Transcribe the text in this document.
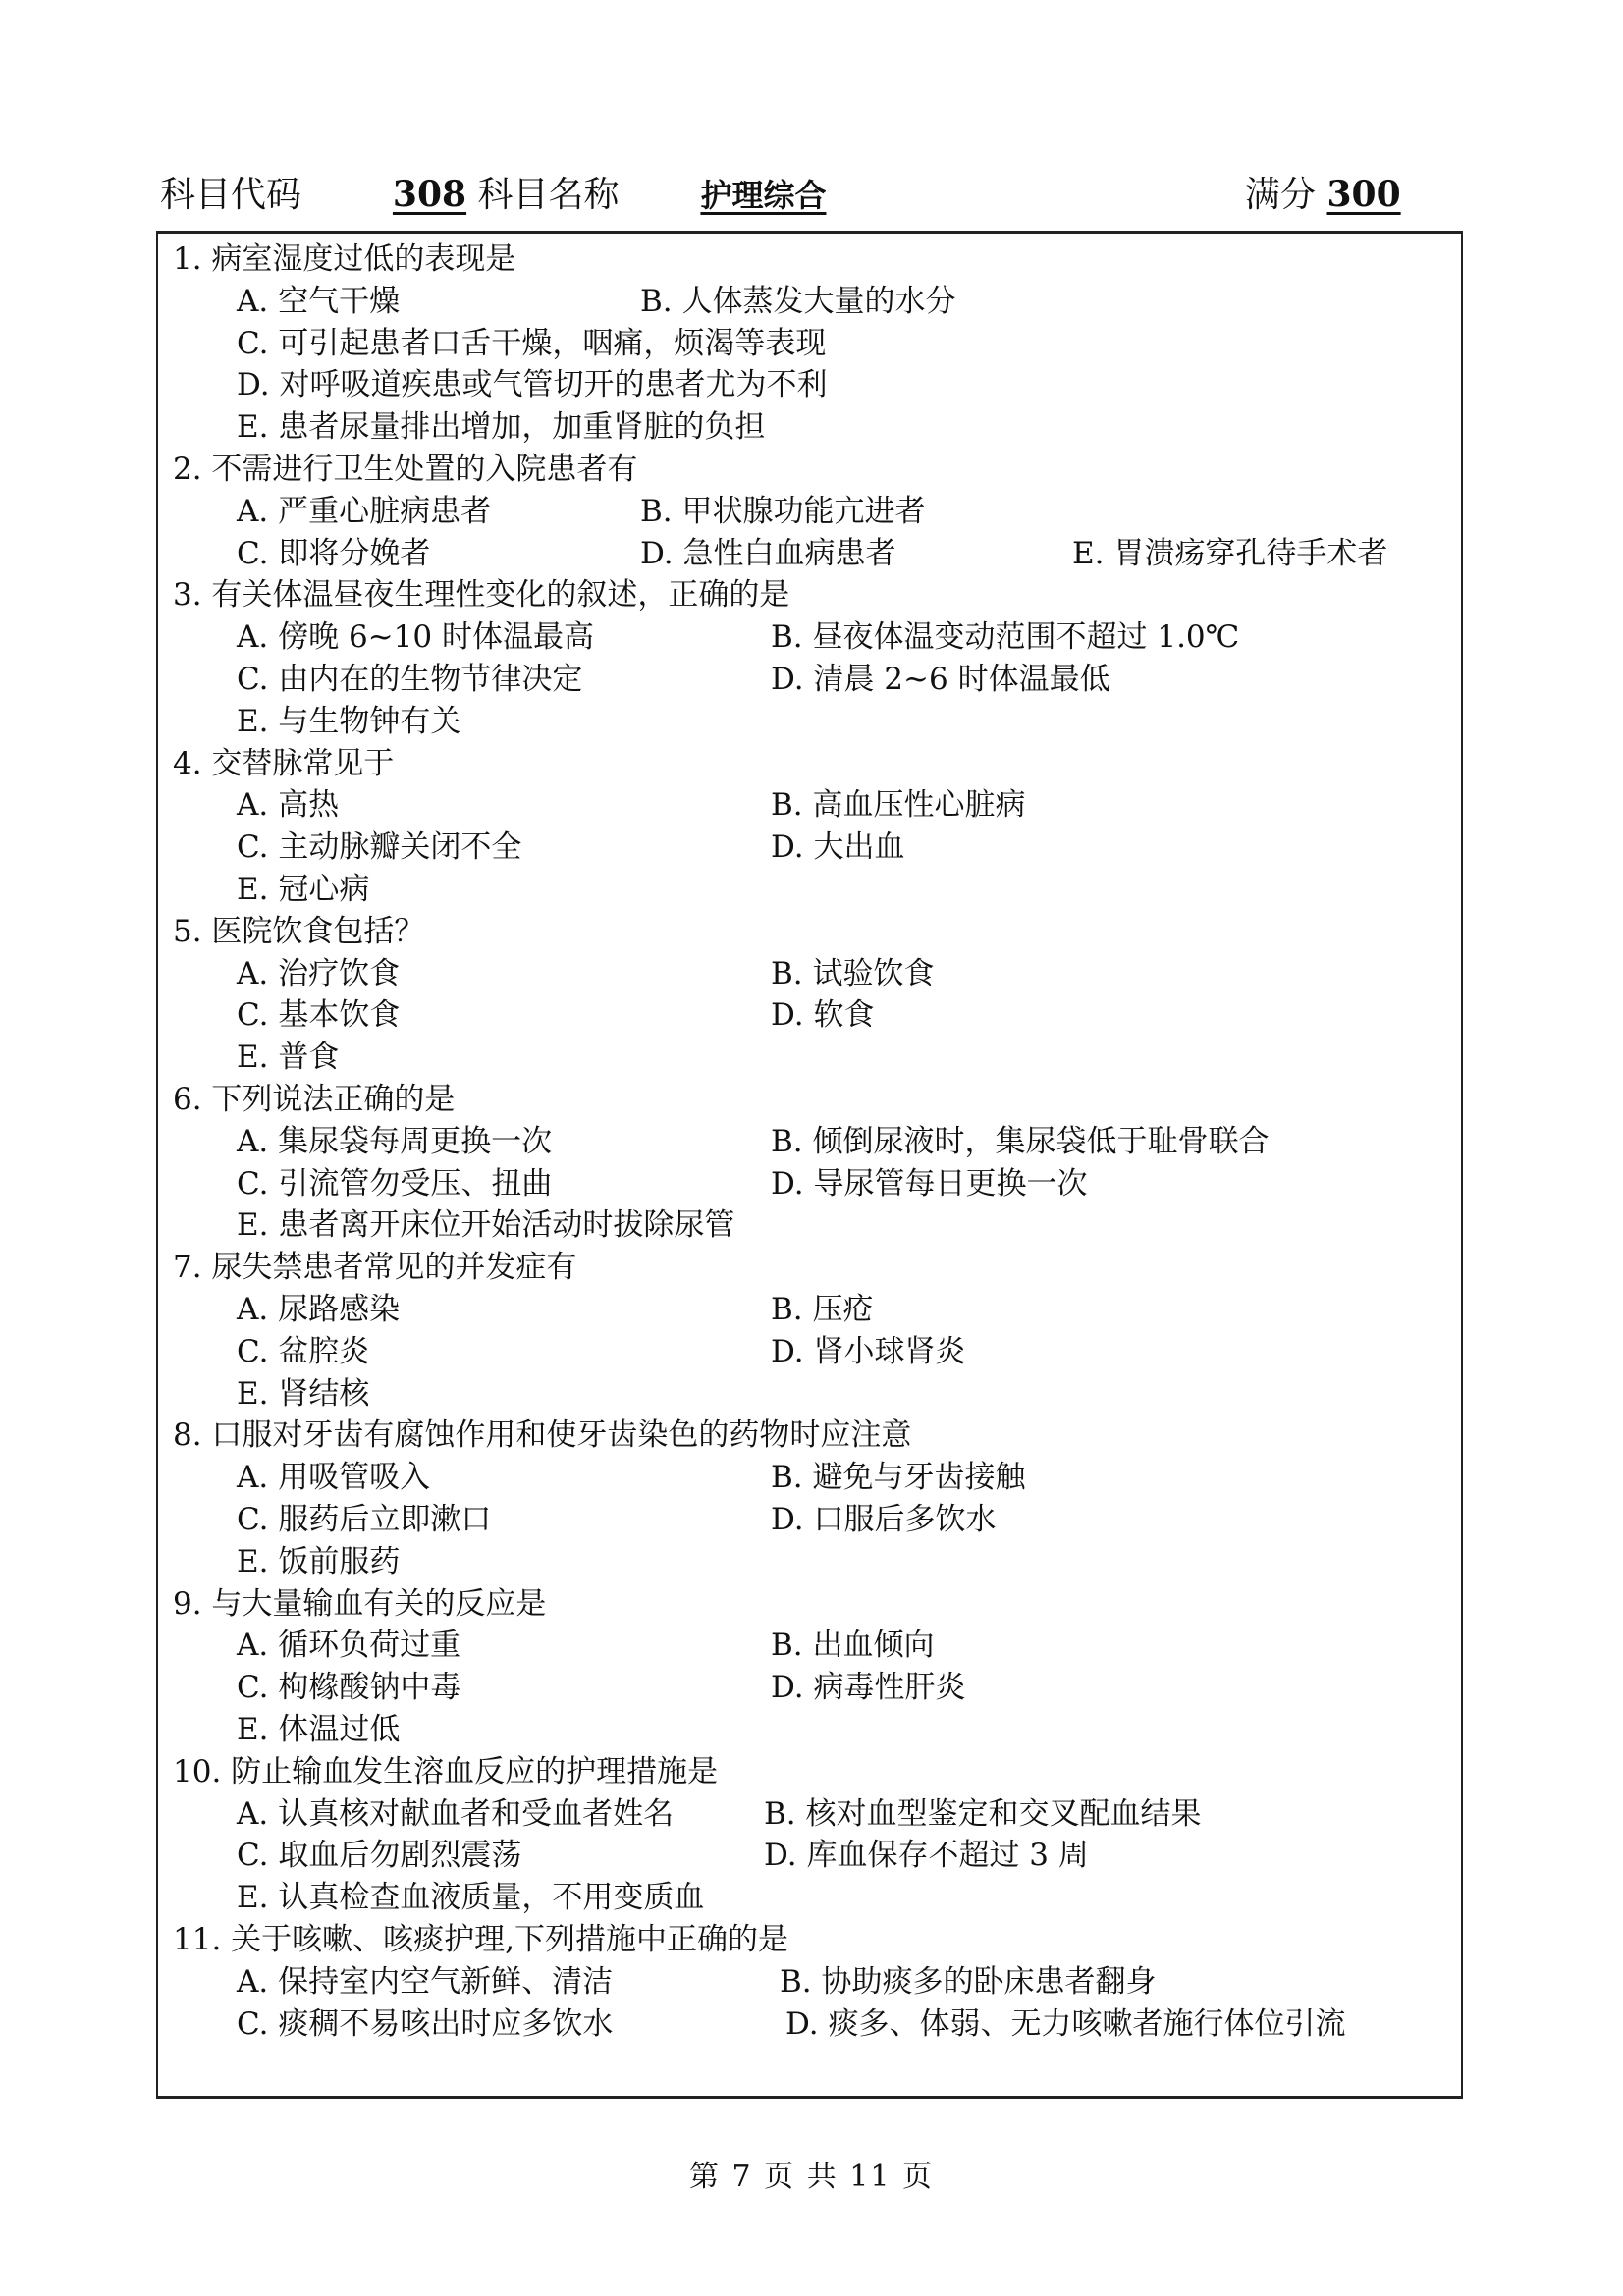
科目代码	308 科目名称	护理综合	满分 300
1. 病室湿度过低的表现是
A. 空气干燥	B. 人体蒸发大量的水分
C. 可引起患者口舌干燥，咽痛，烦渴等表现
D. 对呼吸道疾患或气管切开的患者尤为不利
E. 患者尿量排出增加，加重肾脏的负担
2. 不需进行卫生处置的入院患者有
A. 严重心脏病患者	B. 甲状腺功能亢进者
C. 即将分娩者	D. 急性白血病患者	E. 胃溃疡穿孔待手术者
3. 有关体温昼夜生理性变化的叙述，正确的是
A. 傍晚 6~10 时体温最高	B. 昼夜体温变动范围不超过 1.0℃
C. 由内在的生物节律决定	D. 清晨 2~6 时体温最低
E. 与生物钟有关
4. 交替脉常见于
A. 高热	B. 高血压性心脏病
C. 主动脉瓣关闭不全	D. 大出血
E. 冠心病
5. 医院饮食包括？
A. 治疗饮食	B. 试验饮食
C. 基本饮食	D. 软食
E. 普食
6. 下列说法正确的是
A. 集尿袋每周更换一次	B. 倾倒尿液时，集尿袋低于耻骨联合
C. 引流管勿受压、扭曲	D. 导尿管每日更换一次
E. 患者离开床位开始活动时拔除尿管
7. 尿失禁患者常见的并发症有
A. 尿路感染	B. 压疮
C. 盆腔炎	D. 肾小球肾炎
E. 肾结核
8. 口服对牙齿有腐蚀作用和使牙齿染色的药物时应注意
A. 用吸管吸入	B. 避免与牙齿接触
C. 服药后立即漱口	D. 口服后多饮水
E. 饭前服药
9. 与大量输血有关的反应是
A. 循环负荷过重	B. 出血倾向
C. 枸橼酸钠中毒	D. 病毒性肝炎
E. 体温过低
10. 防止输血发生溶血反应的护理措施是
A. 认真核对献血者和受血者姓名	B. 核对血型鉴定和交叉配血结果
C. 取血后勿剧烈震荡	D. 库血保存不超过 3 周
E. 认真检查血液质量，不用变质血
11. 关于咳嗽、咳痰护理,下列措施中正确的是
A. 保持室内空气新鲜、清洁	B. 协助痰多的卧床患者翻身
C. 痰稠不易咳出时应多饮水	D. 痰多、体弱、无力咳嗽者施行体位引流
第 7 页 共 11 页
